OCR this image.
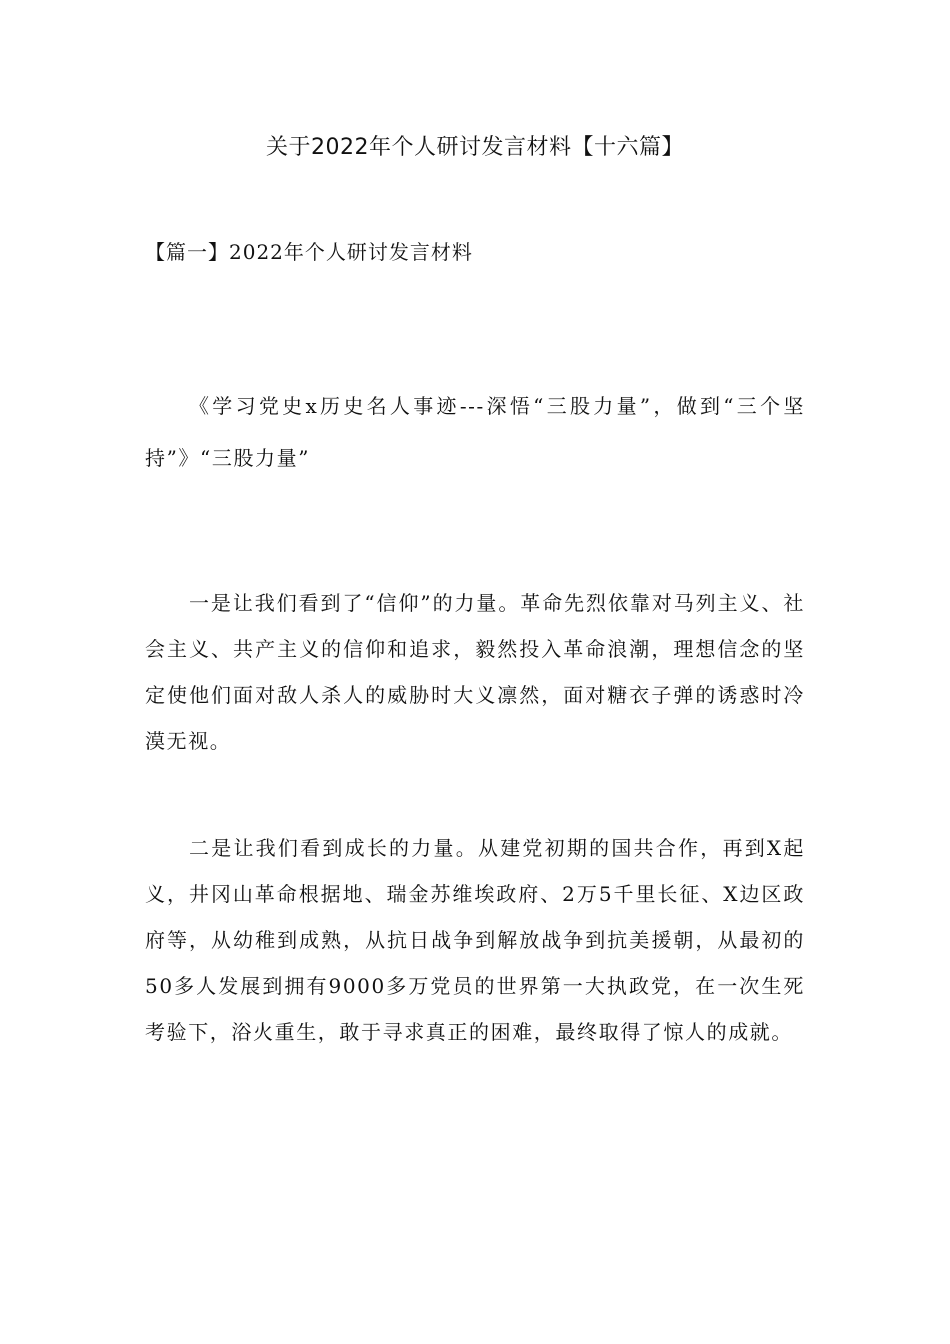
关于2022年个人研讨发言材料【十六篇】
【篇一】2022年个人研讨发言材料

《学习党史x历史名人事迹---深悟“三股力量”，做到“三个坚持”》“三股力量”

一是让我们看到了“信仰”的力量。革命先烈依靠对马列主义、社会主义、共产主义的信仰和追求，毅然投入革命浪潮，理想信念的坚定使他们面对敌人杀人的威胁时大义凛然，面对糖衣子弹的诱惑时冷漠无视。

二是让我们看到成长的力量。从建党初期的国共合作，再到X起义，井冈山革命根据地、瑞金苏维埃政府、2万5千里长征、X边区政府等，从幼稚到成熟，从抗日战争到解放战争到抗美援朝，从最初的50多人发展到拥有9000多万党员的世界第一大执政党，在一次生死考验下，浴火重生，敢于寻求真正的困难，最终取得了惊人的成就。
